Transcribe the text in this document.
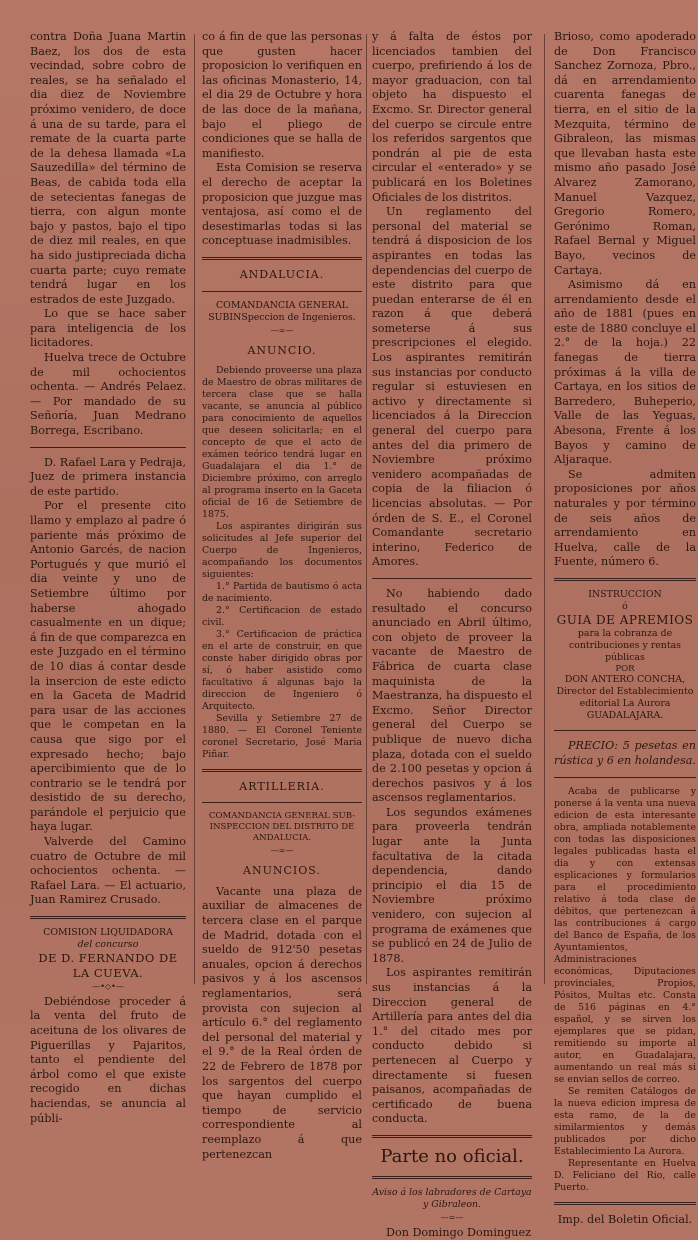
contra Doña Juana Martin Baez, los dos de esta vecindad, sobre cobro de reales, se ha señalado el dia diez de Noviembre próximo venidero, de doce á una de su tarde, para el remate de la cuarta parte de la dehesa llamada «La Sauzedilla» del término de Beas, de cabida toda ella de setecientas fanegas de tierra, con algun monte bajo y pastos, bajo el tipo de diez mil reales, en que ha sido justipreciada dicha cuarta parte; cuyo remate tendrá lugar en los estrados de este Juzgado.

Lo que se hace saber para inteligencia de los licitadores.

Huelva trece de Octubre de mil ochocientos ochenta. — Andrés Pelaez. — Por mandado de su Señoría, Juan Medrano Borrega, Escribano.

D. Rafael Lara y Pedraja, Juez de primera instancia de este partido.

Por el presente cito llamo y emplazo al padre ó pariente más próximo de Antonio Garcés, de nacion Portugués y que murió el dia veinte y uno de Setiembre último por haberse ahogado casualmente en un dique; á fin de que comparezca en este Juzgado en el término de 10 dias á contar desde la insercion de este edicto en la Gaceta de Madrid para usar de las acciones que le competan en la causa que sigo por el expresado hecho; bajo apercibimiento que de lo contrario se le tendrá por desistido de su derecho, parándole el perjuicio que haya lugar.

Valverde del Camino cuatro de Octubre de mil ochocientos ochenta. — Rafael Lara. — El actuario, Juan Ramirez Crusado.

COMISION LIQUIDADORA
del concurso
DE D. FERNANDO DE LA CUEVA.
—•◇•—

Debiéndose proceder á la venta del fruto de aceituna de los olivares de Piguerillas y Pajaritos, tanto el pendiente del árbol como el que existe recogido en dichas haciendas, se anuncia al públi-

co á fin de que las personas que gusten hacer proposicion lo verifiquen en las oficinas Monasterio, 14, el dia 29 de Octubre y hora de las doce de la mañana, bajo el pliego de condiciones que se halla de manifiesto.

Esta Comision se reserva el derecho de aceptar la proposicion que juzgue mas ventajosa, así como el de desestimarlas todas si las conceptuase inadmisibles.

ANDALUCIA.
COMANDANCIA GENERAL SUBINSpeccion de Ingenieros.
—=—
ANUNCIO.

Debiendo proveerse una plaza de Maestro de obras militares de tercera clase que se halla vacante, se anuncia al público para conocimiento de aquellos que deseen solicitarla; en el concepto de que el acto de exámen teórico tendrá lugar en Guadalajara el dia 1.° de Diciembre próximo, con arreglo al programa inserto en la Gaceta oficial de 16 de Setiembre de 1875.

Los aspirantes dirigirán sus solicitudes al Jefe superior del Cuerpo de Ingenieros, acompañando los documentos siguientes:

1.° Partida de bautismo ó acta de nacimiento.

2.° Certificacion de estado civil.

3.° Certificacion de práctica en el arte de construir, en que conste haber dirigido obras por sí, ó haber asistido como facultativo á algunas bajo la direccion de Ingeniero ó Arquitecto.

Sevilla y Setiembre 27 de 1880. — El Coronel Teniente coronel Secretario, José Maria Piñar.

ARTILLERIA.
COMANDANCIA GENERAL SUB-INSPECCION DEL DISTRITO DE ANDALUCIA.
—=—
ANUNCIOS.

Vacante una plaza de auxiliar de almacenes de tercera clase en el parque de Madrid, dotada con el sueldo de 912'50 pesetas anuales, opcion á derechos pasivos y á los ascensos reglamentarios, será provista con sujecion al artículo 6.° del reglamento del personal del material y el 9.° de la Real órden de 22 de Febrero de 1878 por los sargentos del cuerpo que hayan cumplido el tiempo de servicio correspondiente al reemplazo á que pertenezcan

y á falta de éstos por licenciados tambien del cuerpo, prefiriendo á los de mayor graduacion, con tal objeto ha dispuesto el Excmo. Sr. Director general del cuerpo se circule entre los referidos sargentos que pondrán al pie de esta circular el «enterado» y se publicará en los Boletines Oficiales de los distritos.

Un reglamento del personal del material se tendrá á disposicion de los aspirantes en todas las dependencias del cuerpo de este distrito para que puedan enterarse de él en razon á que deberá someterse á sus prescripciones el elegido. Los aspirantes remitirán sus instancias por conducto regular si estuviesen en activo y directamente si licenciados á la Direccion general del cuerpo para antes del dia primero de Noviembre próximo venidero acompañadas de copia de la filiacion ó licencias absolutas. — Por órden de S. E., el Coronel Comandante secretario interino, Federico de Amores.

No habiendo dado resultado el concurso anunciado en Abril último, con objeto de proveer la vacante de Maestro de Fábrica de cuarta clase maquinista de la Maestranza, ha dispuesto el Excmo. Señor Director general del Cuerpo se publique de nuevo dicha plaza, dotada con el sueldo de 2.100 pesetas y opcion á derechos pasivos y á los ascensos reglamentarios.

Los segundos exámenes para proveerla tendrán lugar ante la Junta facultativa de la citada dependencia, dando principio el dia 15 de Noviembre próximo venidero, con sujecion al programa de exámenes que se publicó en 24 de Julio de 1878.

Los aspirantes remitirán sus instancias á la Direccion general de Artillería para antes del dia 1.° del citado mes por conducto debido si pertenecen al Cuerpo y directamente si fuesen paisanos, acompañadas de certificado de buena conducta.

Parte no oficial.
Aviso á los labradores de Cartaya y Gibraleon.
—=—

Don Domingo Dominguez

Brioso, como apoderado de Don Francisco Sanchez Zornoza, Pbro., dá en arrendamiento cuarenta fanegas de tierra, en el sitio de la Mezquita, término de Gibraleon, las mismas que llevaban hasta este mismo año pasado José Alvarez Zamorano, Manuel Vazquez, Gregorio Romero, Gerónimo Roman, Rafael Bernal y Miguel Bayo, vecinos de Cartaya.

Asimismo dá en arrendamiento desde el año de 1881 (pues en este de 1880 concluye el 2.° de la hoja.) 22 fanegas de tierra próximas á la villa de Cartaya, en los sitios de Barredero, Buheperio, Valle de las Yeguas, Abesona, Frente á los Bayos y camino de Aljaraque.

Se admiten proposiciones por años naturales y por término de seis años de arrendamiento en Huelva, calle de la Fuente, número 6.

INSTRUCCION
ó
GUIA DE APREMIOS
para la cobranza de contribuciones y rentas públicas
POR
DON ANTERO CONCHA,
Director del Establecimiento editorial La Aurora
GUADALAJARA.

PRECIO: 5 pesetas en rústica y 6 en holandesa.

Acaba de publicarse y ponerse á la venta una nueva edicion de esta interesante obra, ampliada notablemente con todas las disposiciones legales publicadas hasta el dia y con extensas esplicaciones y formularios para el procedimiento relativo á toda clase de débitos, que pertenezcan á las contribuciones á cargo del Banco de España, de los Ayuntamientos, Administraciones económicas, Diputaciones provinciales, Propios, Pósitos, Multas etc. Consta de 516 páginas en 4.° español, y se sirven los ejemplares que se pidan, remitiendo su importe al autor, en Guadalajara, aumentando un real más si se envian sellos de correo.

Se remiten Catálogos de la nueva edicion impresa de esta ramo, de la de similarmientos y demás publicados por dicho Establecimiento La Aurora.

Representante en Huelva D. Feliciano del Rio, calle Puerto.

Imp. del Boletin Oficial.
